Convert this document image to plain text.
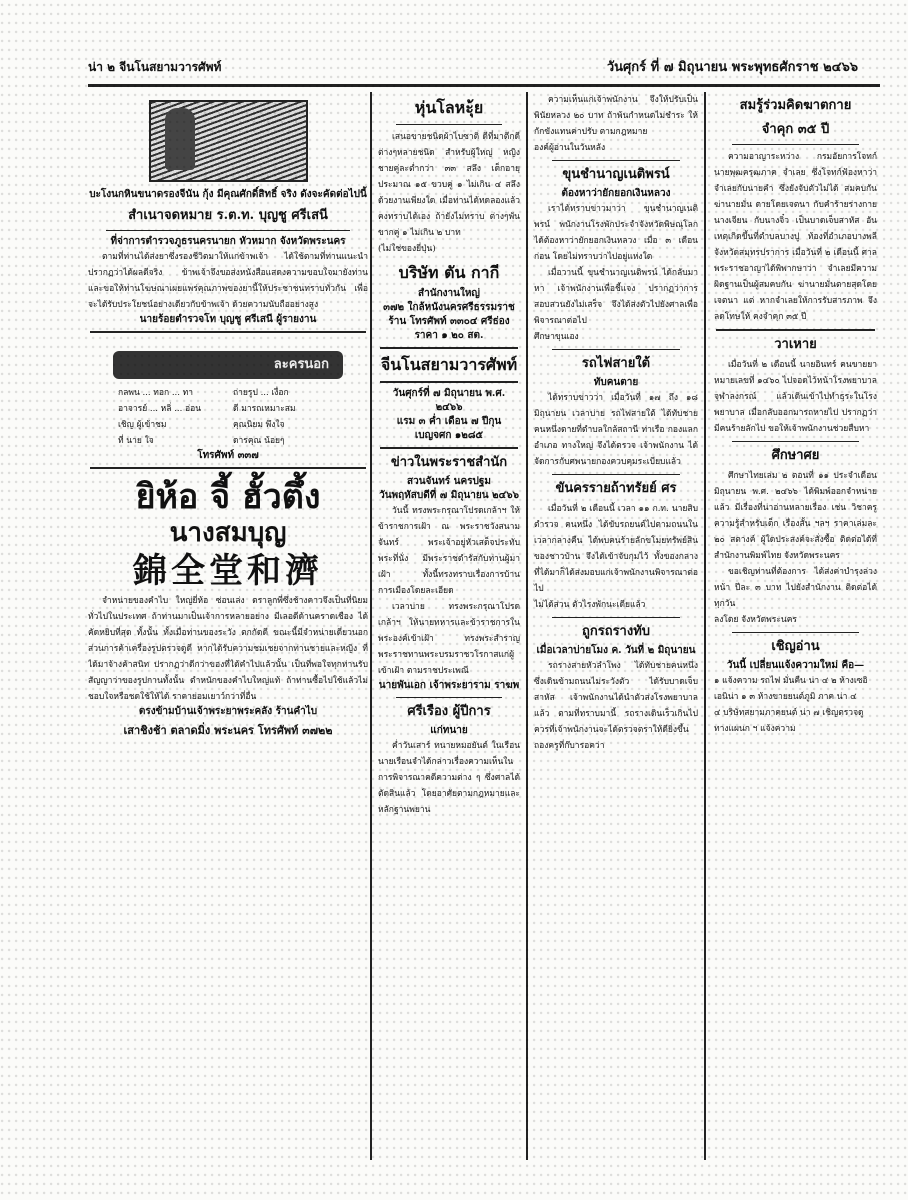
น่า ๒ จีนโนสยามวารศัพท์	วันศุกร์ ที่ ๗ มิถุนายน พระพุทธศักราช ๒๔๖๖
บะโงนกหินขนาดรองจีนัน กุ้ง มีคุณศักดิ์สิทธิ์ จริง ดังจะคัดต่อไปนี้
สำเนาจดหมาย ร.ต.ท. บุญชู ศรีเสนี
ที่จ่าการตำรวจภูธรนครนายก หัวหมาก จังหวัดพระนคร

ตามที่ท่านได้ส่งยาซึ่งรองชีวิตมาให้แก่ข้าพเจ้า ได้ใช้ตามที่ท่านแนะนำ ปรากฏว่าได้ผลดีจริง ข้าพเจ้าจึงขอส่งหนังสือแสดงความขอบใจมายังท่าน และขอให้ท่านโฆษณาเผยแพร่คุณภาพของยานี้ให้ประชาชนทราบทั่วกัน เพื่อจะได้รับประโยชน์อย่างเดียวกับข้าพเจ้า ด้วยความนับถืออย่างสูง

นายร้อยตำรวจโท บุญชู ศรีเสนี ผู้รายงาน
ละครนอก
กลพน ... ทอก ... ทา	ถ่ายรูป ... เงื่อก
อาจารย์ ... หลิ่ ... อ่อน	ดี มารถเหมาะสม
เชิญ ผู้เข้าชม	คุณนิยม พึงใจ
ที่ นาย ใจ	ดารคุณ น้อยๆ
โทรศัพท์ ๓๓๗
ยิห้อ จี้ ฮั้วตึ้ง
นางสมบุญ
錦全堂和濟

จำหน่ายของคำไบ ใหญ่ยี่ห้อ ซ่อนเล่ง ตราลูกพี่ซึ่งช้างคาวจึงเป็นที่นิยมทั่วไปในประเทศ ถ้าท่านมาเป็นเจ้าการหลายอย่าง มีเลอดีด้านคราดเชือง ได้คัดหยิบที่สุด ทั้งนั้น ทั้งเมื่อท่านของระวัง ตกกัดดี ขณะนี้มีจำหน่ายเดี่ยวนอกส่วนการค้าเครื่องรูปตรวจดูดี หากได้รับความชมเชยจากท่านชายและหญิง ที่ได้มาจ้างค้าสนิท ปรากฏว่าดีกว่าของที่ได้คำไปแล้วนั้น เป็นที่พอใจทุกท่านรับสัญญาว่าของรูปกานทั้งนั้น ตำหนักของคำไบใหญ่แท้ ถ้าท่านซื้อไปใช้แล้วไม่ชอบใจหรือชดใช้ให้ได้ ราคาย่อมเยาว์กว่าที่อื่น

ตรงข้ามบ้านเจ้าพระยาพระคลัง ร้านคำไบ
เสาชิงช้า ตลาดมิ่ง พระนคร โทรศัพท์ ๓๗๒๒
หุ่นโลหะุ้ย

เสนอขายชนิดผ้าไบซาติ ดีที่มาตีกดี ต่างๆหลายชนิด สำหรับผู้ใหญ่ หญิงชายคู่ละต่ำกว่า ๓๓ สลึง เด็กอายุประมาณ ๑๕ ขวบคู่ ๑ ไม่เกิน ๔ สลึง ด้วยงานเพียงใด เมื่อท่านได้ทดลองแล้ว คงทราบได้เอง ถ้ายังไม่ทราบ ต่างๆพันขากคู่ ๑ ไม่เกิน ๒ บาท

(ไม่ใช่ของยี่ปุ่น)
บริษัท ตัน กากี
สำนักงานใหญ่
๓๗๒ ใกล้หนังนครศรีธรรมราช ร้าน โทรศัพท์ ๓๓๐๔ ศรีธ่อง
ราคา ๑ ๒๐ สต.
จีนโนสยามวารศัพท์
วันศุกร์ที่ ๗ มิถุนายน พ.ศ. ๒๔๖๖
แรม ๓ ค่ำ เดือน ๗ ปีกุน เบญจศก ๑๒๘๕
ข่าวในพระราชสำนัก
สวนจันทร์ นครปฐม
วันพฤหัสบดีที่ ๗ มิถุนายน ๒๔๖๖

วันนี้ ทรงพระกรุณาโปรดเกล้าฯ ให้ข้าราชการเฝ้า ณ พระราชวังสนามจันทร์ พระเจ้าอยู่หัวเสด็จประทับพระที่นั่ง มีพระราชดำรัสกับท่านผู้มาเฝ้า ทั้งนี้ทรงทราบเรื่องการบ้านการเมืองโดยละเอียด

เวลาบ่าย ทรงพระกรุณาโปรดเกล้าฯ ให้นายทหารและข้าราชการในพระองค์เข้าเฝ้า ทรงพระสำราญ พระราชทานพระบรมราชวโรกาสแก่ผู้เข้าเฝ้า ตามราชประเพณี

นายพันเอก เจ้าพระยาราม ราฆพ
ศรีเรือง ผู้ปีการ
แก่ทนาย

ค่ำวันเสาร์ ทนายหมอยันต์ ในเรือนนายเรือนจำได้กล่าวเรื่องความเห็นในการพิจารณาคดีความต่าง ๆ ซึ่งศาลได้ตัดสินแล้ว โดยอาศัยตามกฎหมายและหลักฐานพยาน

ความเห็นแก่เจ้าพนักงาน จึงให้ปรับเป็นพินัยหลวง ๒๐ บาท ถ้าพ้นกำหนดไม่ชำระ ให้กักขังแทนค่าปรับ ตามกฎหมาย

องค์ผู้อ่านในวันหลัง
ขุนชำนาญเนติพรน์
ต้องหาว่ายักยอกเงินหลวง

เราได้ทราบข่าวมาว่า ขุนชำนาญเนติพรน์ พนักงานโรงพักประจำจังหวัดพิษณุโลก ได้ต้องหาว่ายักยอกเงินหลวง เมื่อ ๓ เดือนก่อน โดยไม่ทราบว่าไปอยู่แห่งใด

เมื่อวานนี้ ขุนชำนาญเนติพรน์ ได้กลับมาหา เจ้าพนักงานเพื่อชี้แจง ปรากฏว่าการสอบสวนยังไม่เสร็จ จึงได้ส่งตัวไปยังศาลเพื่อพิจารณาต่อไป

ศึกษาขุนเอง
รถไฟสายใต้
ทับคนตาย

ได้ทราบข่าวว่า เมื่อวันที่ ๑๗ ถึง ๑๘ มิถุนายน เวลาบ่าย รถไฟสายใต้ ได้ทับชายคนหนึ่งตายที่ตำบลใกล้สถานี ท่าเรือ กองแลกอำเภอ ทางใหญ่ จึงได้ตรวจ เจ้าพนักงาน ได้จัดการกับศพนายกองควบคุมระเบียบแล้ว

ขันครรายถ้าทรัยย์ ศร

เมื่อวันที่ ๒ เดือนนี้ เวลา ๑๑ ก.ท. นายสิบตำรวจ คนหนึ่ง ได้ขับรถยนต์ไปตามถนนในเวลากลางคืน ได้พบคนร้ายลักขโมยทรัพย์สินของชาวบ้าน จึงได้เข้าจับกุมไว้ ทั้งของกลางที่ได้มาก็ได้ส่งมอบแก่เจ้าพนักงานพิจารณาต่อไป

ไม่ได้ส่วน ตัวไรงพักนะเดียแล้ว
ถูกรถรางทับ
เมื่อเวลาบ่ายโมง ค. วันที่ ๒ มิถุนายน

รถรางสายหัวลำโพง ได้ทับชายคนหนึ่ง ซึ่งเดินข้ามถนนไม่ระวังตัว ได้รับบาดเจ็บสาหัส เจ้าพนักงานได้นำตัวส่งโรงพยาบาลแล้ว ตามที่ทราบมานี้ รถรางเดินเร็วเกินไป ควรที่เจ้าพนักงานจะได้ตรวจตราให้ดียิ่งขึ้น

ถองครูที่ก๊บารอคว่า
สมรู้ร่วมคิดฆาตกาย
จำคุก ๓๕ ปี

ความอาญาระหว่าง กรมอัยการโจทก์ นายพุฒครุฒภาค จำเลย ซึ่งโจทก์ฟ้องหาว่า จำเลยกับนายคำ ซึ่งยังจับตัวไม่ได้ สมคบกันฆ่านายมั่น ตายโดยเจตนา กับคำร้ายร่างกายนางเจียน กับนางจิ๋ว เป็นบาดเจ็บสาหัส อันเหตุเกิดขึ้นที่ตำบลบางปู ท้องที่อำเภอบางพลี จังหวัดสมุทรปราการ เมื่อวันที่ ๒ เดือนนี้ ศาลพระราชอาญาได้พิพากษาว่า จำเลยมีความผิดฐานเป็นผู้สมคบกัน ฆ่านายมั่นตายสุดโดยเจตนา แต่ หากจำเลยให้การรับสารภาพ จึงลดโทษให้ คงจำคุก ๓๕ ปี

วาเหาย

เมื่อวันที่ ๒ เดือนนี้ นายอินทร์ คนขายยา หมายเลขที่ ๑๔๖๐ ไปจอดไว้หน้าโรงพยาบาลจุฬาลงกรณ์ แล้วเดินเข้าไปทำธุระในโรงพยาบาล เมื่อกลับออกมารถหายไป ปรากฏว่ามีคนร้ายลักไป ขอให้เจ้าพนักงานช่วยสืบหา

ศึกษาศย

ศึกษาไทยเล่ม ๒ ตอนที่ ๑๑ ประจำเดือนมิถุนายน พ.ศ. ๒๔๖๖ ได้พิมพ์ออกจำหน่ายแล้ว มีเรื่องที่น่าอ่านหลายเรื่อง เช่น วิชาครู ความรู้สำหรับเด็ก เรื่องสั้น ฯลฯ ราคาเล่มละ ๒๐ สตางค์ ผู้ใดประสงค์จะสั่งซื้อ ติดต่อได้ที่สำนักงานพิมพ์ไทย จังหวัดพระนคร

ขอเชิญท่านที่ต้องการ ได้ส่งค่าบำรุงล่วงหน้า ปีละ ๓ บาท ไปยังสำนักงาน ติดต่อได้ทุกวัน

ลงโดย จังหวัดพระนคร
เชิญอ่าน
วันนี้ เปลี่ยนแจ้งความใหม่ คือ—
๑ แจ้งความ รถไฟ มั่นคืน น่า ๔ ๒ ห้างเซอิ
เอนิน่า ๑ ๓ ห้างขายยนต์ภูมิ ภาค น่า ๔
๔ บริษัทสยามภาคยนต์ น่า ๗ เชิญตรวจดู
ทางแผนก ฯ แจ้งความ
